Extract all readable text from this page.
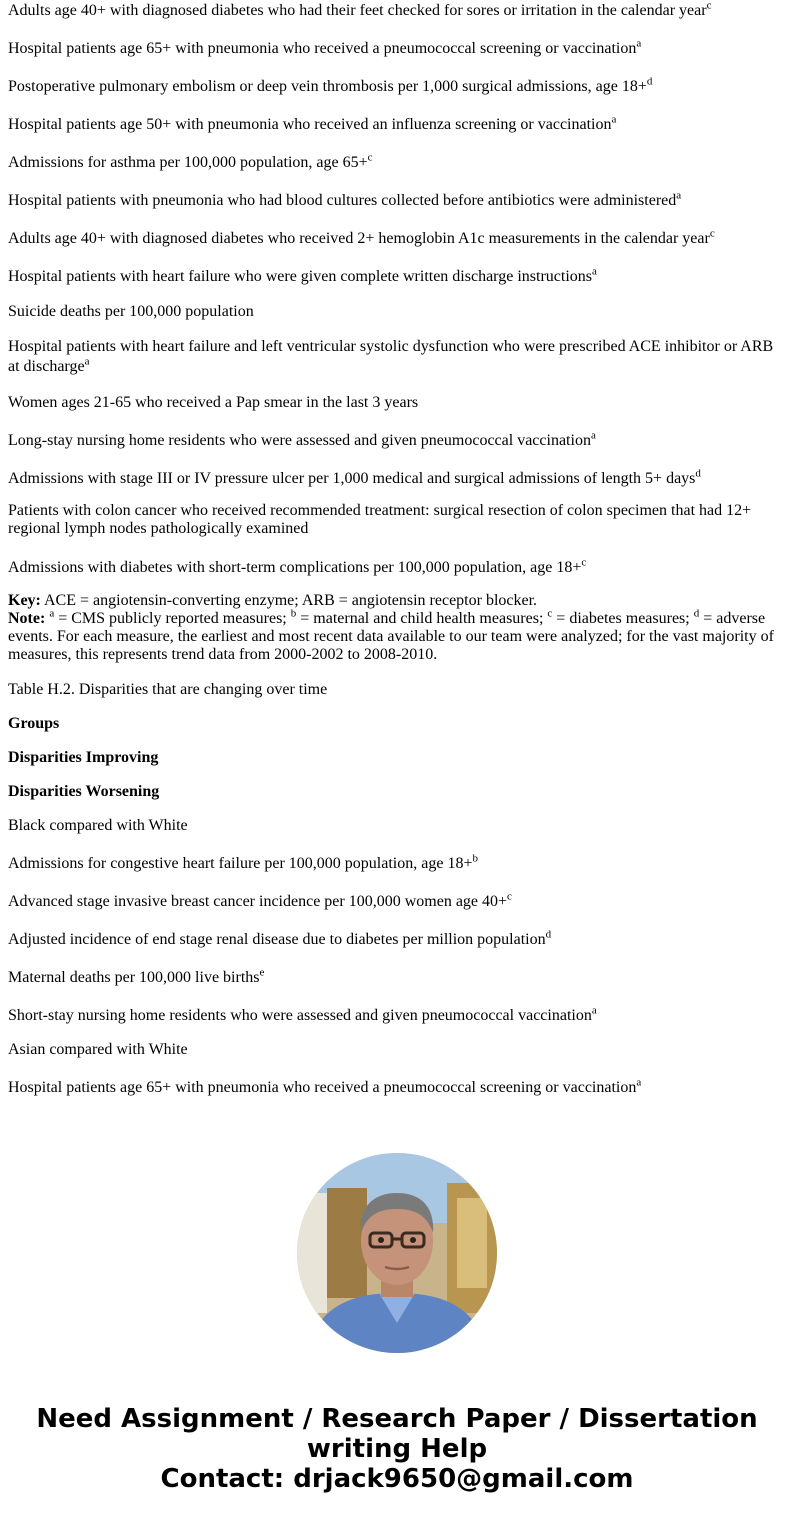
Adults age 40+ with diagnosed diabetes who had their feet checked for sores or irritation in the calendar year$^c$

Hospital patients age 65+ with pneumonia who received a pneumococcal screening or vaccination$^a$

Postoperative pulmonary embolism or deep vein thrombosis per 1,000 surgical admissions, age 18+$^d$

Hospital patients age 50+ with pneumonia who received an influenza screening or vaccination$^a$

Admissions for asthma per 100,000 population, age 65+$^c$

Hospital patients with pneumonia who had blood cultures collected before antibiotics were administered$^a$

Adults age 40+ with diagnosed diabetes who received 2+ hemoglobin A1c measurements in the calendar year$^c$

Hospital patients with heart failure who were given complete written discharge instructions$^a$

Suicide deaths per 100,000 population

Hospital patients with heart failure and left ventricular systolic dysfunction who were prescribed ACE inhibitor or ARB at discharge$^a$

Women ages 21-65 who received a Pap smear in the last 3 years

Long-stay nursing home residents who were assessed and given pneumococcal vaccination$^a$

Admissions with stage III or IV pressure ulcer per 1,000 medical and surgical admissions of length 5+ days$^d$

Patients with colon cancer who received recommended treatment: surgical resection of colon specimen that had 12+ regional lymph nodes pathologically examined

Admissions with diabetes with short-term complications per 100,000 population, age 18+$^c$

Key: ACE = angiotensin-converting enzyme; ARB = angiotensin receptor blocker.
Note: $^a$ = CMS publicly reported measures; $^b$ = maternal and child health measures; $^c$ = diabetes measures; $^d$ = adverse events. For each measure, the earliest and most recent data available to our team were analyzed; for the vast majority of measures, this represents trend data from 2000-2002 to 2008-2010.

Table H.2. Disparities that are changing over time

Groups

Disparities Improving

Disparities Worsening

Black compared with White

Admissions for congestive heart failure per 100,000 population, age 18+$^b$

Advanced stage invasive breast cancer incidence per 100,000 women age 40+$^c$

Adjusted incidence of end stage renal disease due to diabetes per million population$^d$

Maternal deaths per 100,000 live births$^e$

Short-stay nursing home residents who were assessed and given pneumococcal vaccination$^a$

Asian compared with White

Hospital patients age 65+ with pneumonia who received a pneumococcal screening or vaccination$^a$

Need Assignment / Research Paper / Dissertation
writing Help
Contact: drjack9650@gmail.com
